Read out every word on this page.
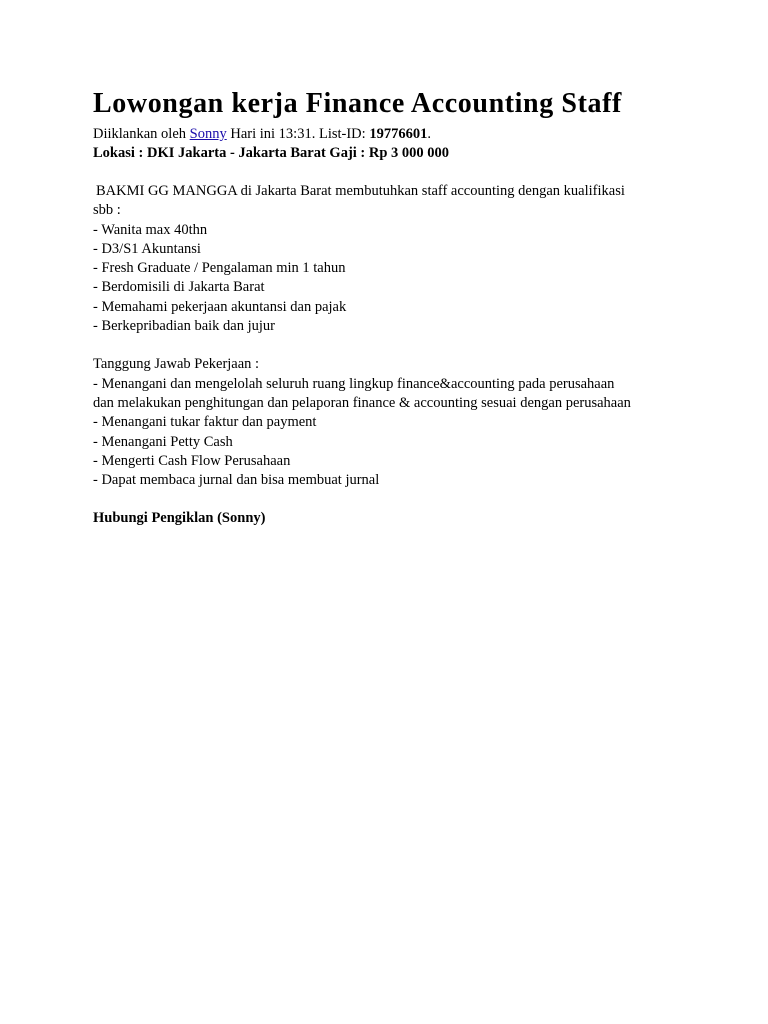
Lowongan kerja Finance Accounting Staff
Diiklankan oleh Sonny Hari ini 13:31. List-ID: 19776601.
Lokasi : DKI Jakarta - Jakarta Barat Gaji : Rp 3 000 000
BAKMI GG MANGGA di Jakarta Barat membutuhkan staff accounting dengan kualifikasi
sbb :
- Wanita max 40thn
- D3/S1 Akuntansi
- Fresh Graduate / Pengalaman min 1 tahun
- Berdomisili di Jakarta Barat
- Memahami pekerjaan akuntansi dan pajak
- Berkepribadian baik dan jujur
Tanggung Jawab Pekerjaan :
- Menangani dan mengelolah seluruh ruang lingkup finance&accounting pada perusahaan
dan melakukan penghitungan dan pelaporan finance & accounting sesuai dengan perusahaan
- Menangani tukar faktur dan payment
- Menangani Petty Cash
- Mengerti Cash Flow Perusahaan
- Dapat membaca jurnal dan bisa membuat jurnal
Hubungi Pengiklan (Sonny)
